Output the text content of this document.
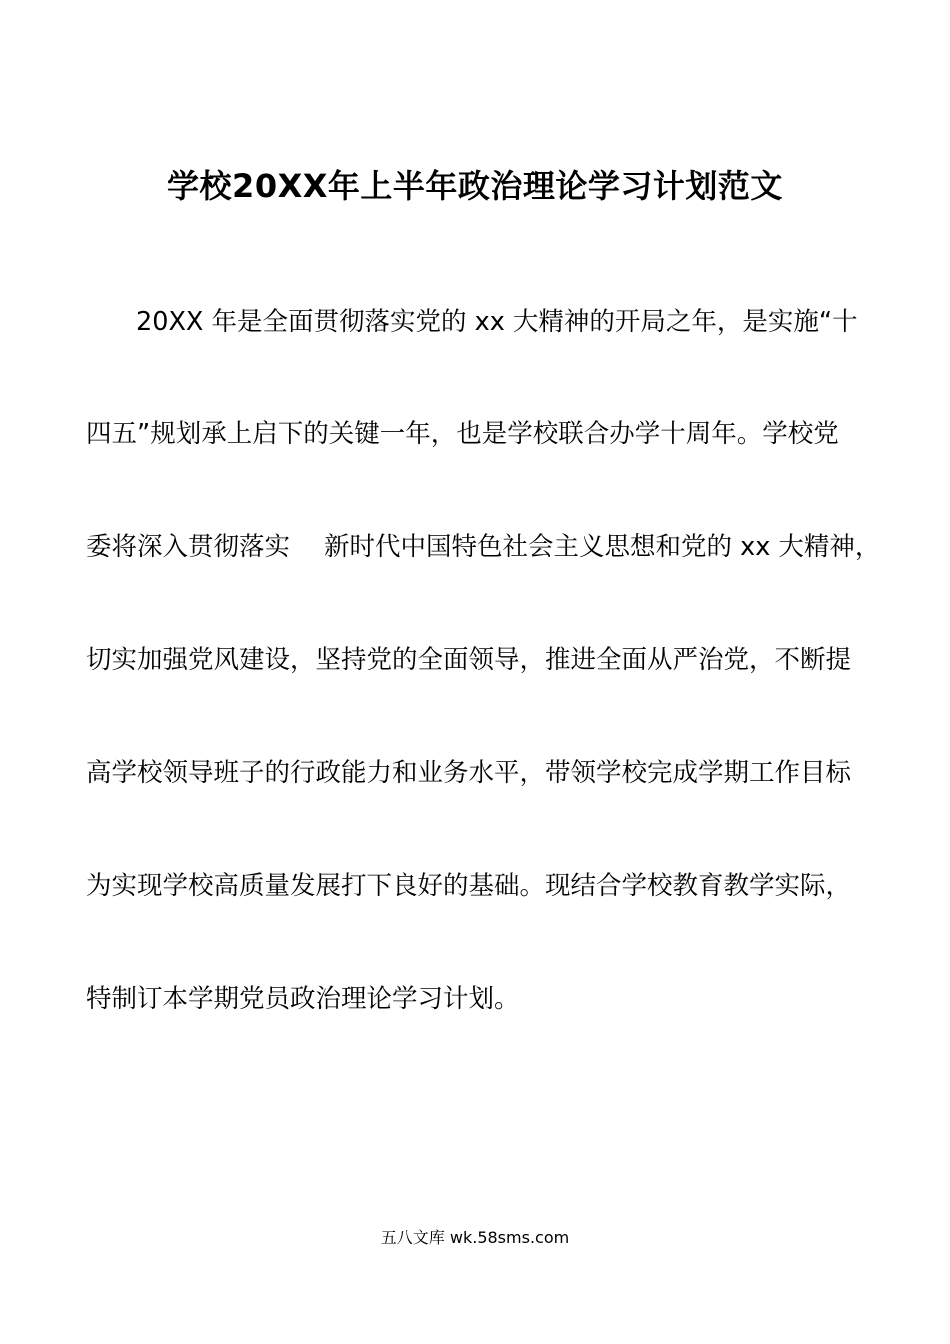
学校20XX年上半年政治理论学习计划范文
20XX 年是全面贯彻落实党的 xx 大精神的开局之年，是实施“十
四五”规划承上启下的关键一年，也是学校联合办学十周年。学校党
委将深入贯彻落实 新时代中国特色社会主义思想和党的 xx 大精神，
切实加强党风建设，坚持党的全面领导，推进全面从严治党，不断提
高学校领导班子的行政能力和业务水平，带领学校完成学期工作目标
为实现学校高质量发展打下良好的基础。现结合学校教育教学实际，
特制订本学期党员政治理论学习计划。
五八文库 wk.58sms.com
